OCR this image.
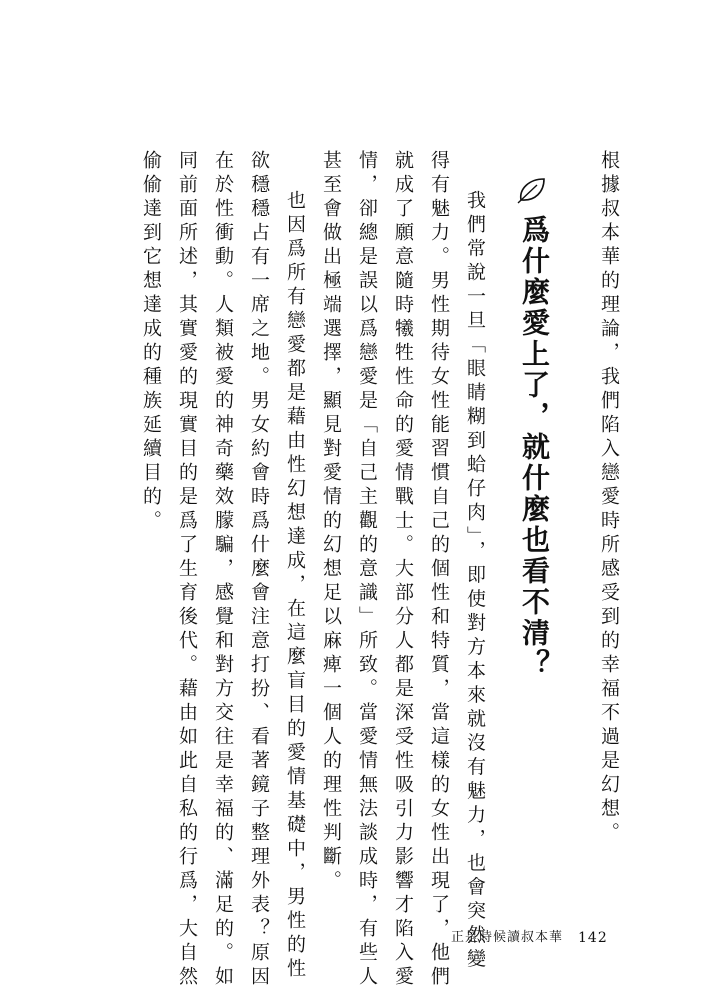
根據叔本華的理論，我們陷入戀愛時所感受到的幸福不過是幻想。
爲什麼愛上了，就什麼也看不清？
我們常說一旦「眼睛糊到蛤仔肉」，即使對方本來就沒有魅力，也會突然變
得有魅力。男性期待女性能習慣自己的個性和特質，當這樣的女性出現了，他們
就成了願意隨時犧牲性命的愛情戰士。大部分人都是深受性吸引力影響才陷入愛
情，卻總是誤以爲戀愛是「自己主觀的意識」所致。當愛情無法談成時，有些人
甚至會做出極端選擇，顯見對愛情的幻想足以麻痺一個人的理性判斷。
也因爲所有戀愛都是藉由性幻想達成，在這麼盲目的愛情基礎中，男性的性
欲穩穩占有一席之地。男女約會時爲什麼會注意打扮、看著鏡子整理外表？原因
在於性衝動。人類被愛的神奇藥效朦騙，感覺和對方交往是幸福的、滿足的。如
同前面所述，其實愛的現實目的是爲了生育後代。藉由如此自私的行爲，大自然
偷偷達到它想達成的種族延續目的。
正是時候讀叔本華 142
